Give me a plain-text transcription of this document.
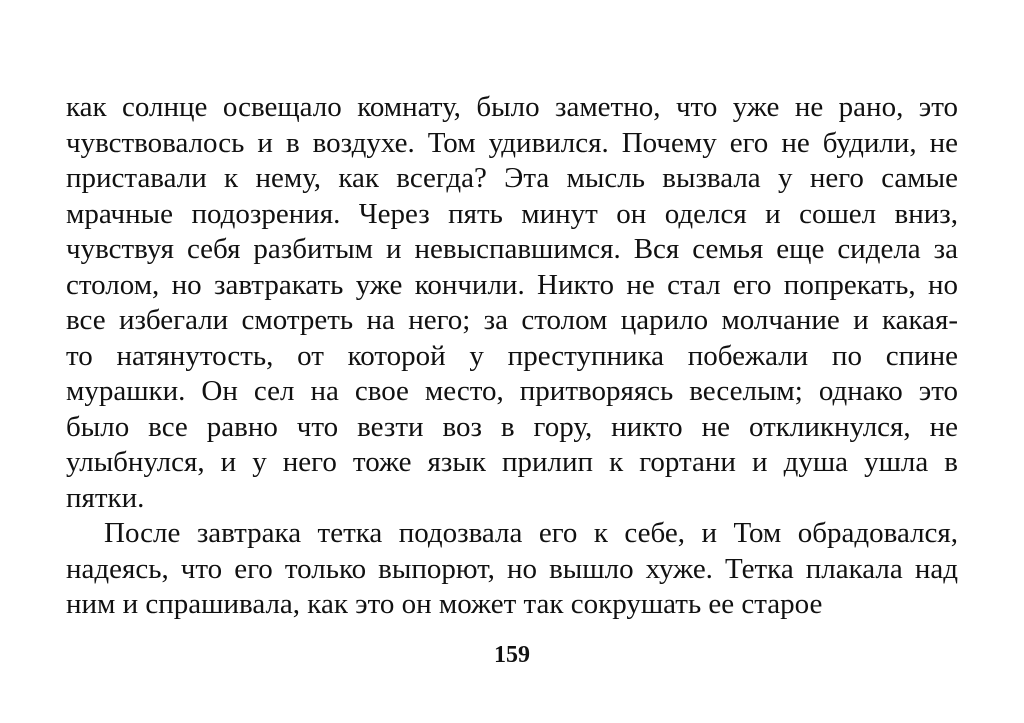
как солнце освещало комнату, было заметно, что уже не рано, это
чувствовалось и в воздухе. Том удивился. Почему его не будили, не
приставали к нему, как всегда? Эта мысль вызвала у него самые
мрачные подозрения. Через пять минут он оделся и сошел вниз,
чувствуя себя разбитым и невыспавшимся. Вся семья еще сидела за
столом, но завтракать уже кончили. Никто не стал его попрекать, но
все избегали смотреть на него; за столом царило молчание и какая-
то натянутость, от которой у преступника побежали по спине
мурашки. Он сел на свое место, притворяясь веселым; однако это
было все равно что везти воз в гору, никто не откликнулся, не
улыбнулся, и у него тоже язык прилип к гортани и душа ушла в
пятки.
После завтрака тетка подозвала его к себе, и Том обрадовался,
надеясь, что его только выпорют, но вышло хуже. Тетка плакала над
ним и спрашивала, как это он может так сокрушать ее старое
159
